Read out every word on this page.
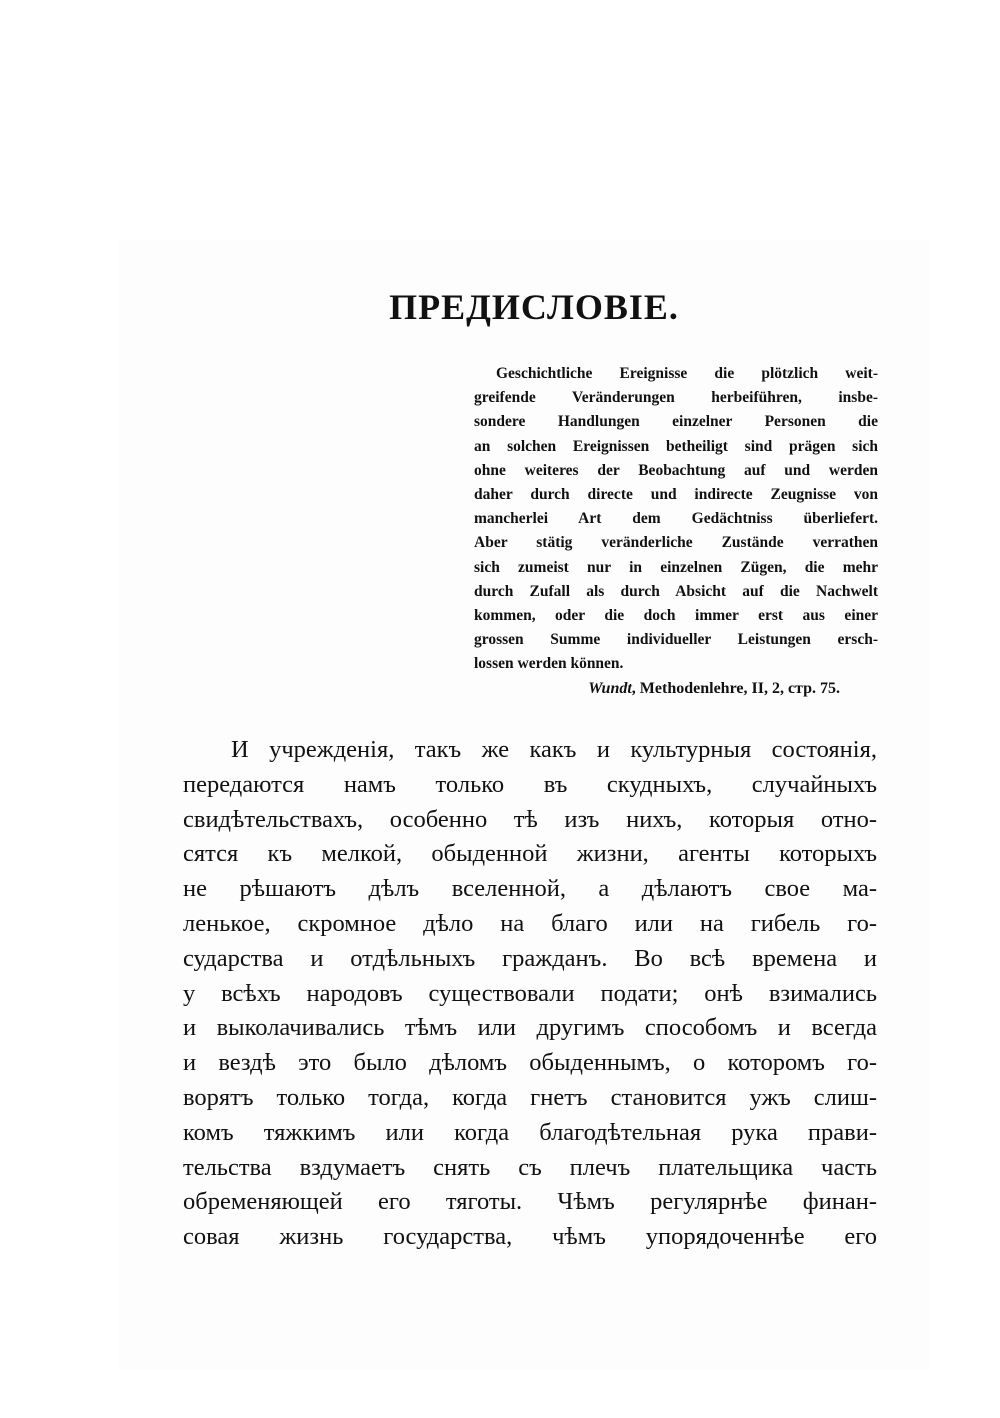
ПРЕДИСЛОВІЕ.
Geschichtliche Ereignisse die plötzlich weit-
greifende Veränderungen herbeiführen, insbe-
sondere Handlungen einzelner Personen die
an solchen Ereignissen betheiligt sind prägen sich
ohne weiteres der Beobachtung auf und werden
daher durch directe und indirecte Zeugnisse von
mancherlei Art dem Gedächtniss überliefert.
Aber stätig veränderliche Zustände verrathen
sich zumeist nur in einzelnen Zügen, die mehr
durch Zufall als durch Absicht auf die Nachwelt
kommen, oder die doch immer erst aus einer
grossen Summe individueller Leistungen ersch-
lossen werden können.
Wundt, Methodenlehre, II, 2, стр. 75.
И учрежденія, такъ же какъ и культурныя состоянія,
передаются намъ только въ скудныхъ, случайныхъ
свидѣтельствахъ, особенно тѣ изъ нихъ, которыя отно-
сятся къ мелкой, обыденной жизни, агенты которыхъ
не рѣшаютъ дѣлъ вселенной, а дѣлаютъ свое ма-
ленькое, скромное дѣло на благо или на гибель го-
сударства и отдѣльныхъ гражданъ. Во всѣ времена и
у всѣхъ народовъ существовали подати; онѣ взимались
и выколачивались тѣмъ или другимъ способомъ и всегда
и вездѣ это было дѣломъ обыденнымъ, о которомъ го-
ворятъ только тогда, когда гнетъ становится ужъ слиш-
комъ тяжкимъ или когда благодѣтельная рука прави-
тельства вздумаетъ снять съ плечъ плательщика часть
обременяющей его тяготы. Чѣмъ регулярнѣе финан-
совая жизнь государства, чѣмъ упорядоченнѣе его
